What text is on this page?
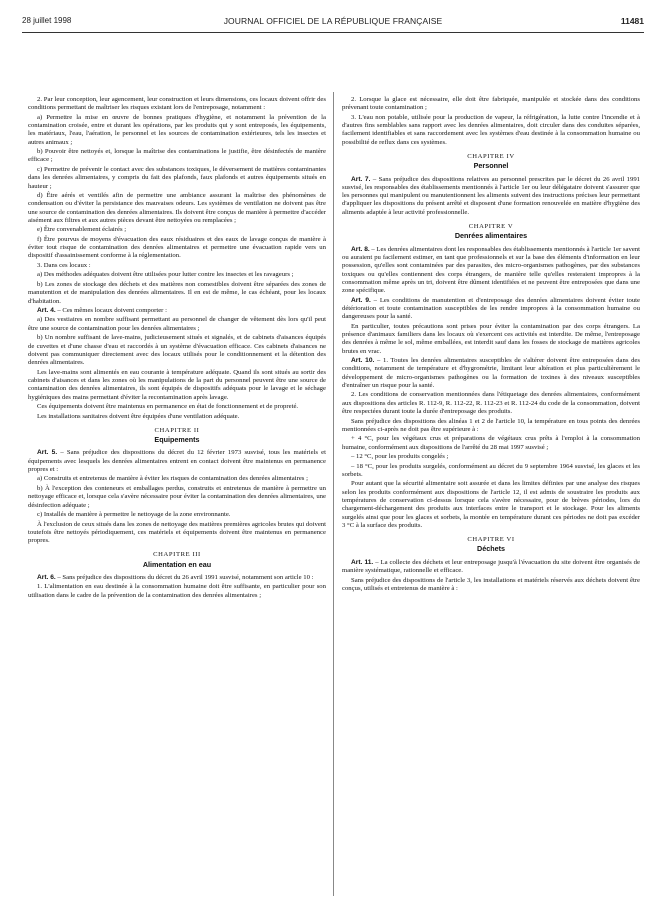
28 juillet 1998	JOURNAL OFFICIEL DE LA RÉPUBLIQUE FRANÇAISE	11481

2. Par leur conception, leur agencement, leur construction et leurs dimensions, ces locaux doivent offrir des conditions permettant de maîtriser les risques existant lors de l'entreposage, notamment :

a) Permettre la mise en œuvre de bonnes pratiques d'hygiène, et notamment la prévention de la contamination croisée, entre et durant les opérations, par les produits qui y sont entreposés, les équipements, les matériaux, l'eau, l'aération, le personnel et les sources de contamination extérieures, tels les insectes et autres animaux ;

b) Pouvoir être nettoyés et, lorsque la maîtrise des contaminations le justifie, être désinfectés de manière efficace ;

c) Permettre de prévenir le contact avec des substances toxiques, le déversement de matières contaminantes dans les denrées alimentaires, y compris du fait des plafonds, faux plafonds et autres équipements situés en hauteur ;

d) Être aérés et ventilés afin de permettre une ambiance assurant la maîtrise des phénomènes de condensation ou d'éviter la persistance des mauvaises odeurs. Les systèmes de ventilation ne doivent pas être une source de contamination des denrées alimentaires. Ils doivent être conçus de manière à permettre d'accéder aisément aux filtres et aux autres pièces devant être nettoyées ou remplacées ;

e) Être convenablement éclairés ;

f) Être pourvus de moyens d'évacuation des eaux résiduaires et des eaux de lavage conçus de manière à éviter tout risque de contamination des denrées alimentaires et permettre une évacuation rapide vers un dispositif d'assainissement conforme à la réglementation.

3. Dans ces locaux :

a) Des méthodes adéquates doivent être utilisées pour lutter contre les insectes et les ravageurs ;

b) Les zones de stockage des déchets et des matières non comestibles doivent être séparées des zones de manutention et de manipulation des denrées alimentaires. Il en est de même, le cas échéant, pour les locaux d'habitation.

Art. 4. – Ces mêmes locaux doivent comporter :

a) Des vestiaires en nombre suffisant permettant au personnel de changer de vêtement dès lors qu'il peut être une source de contamination pour les denrées alimentaires ;

b) Un nombre suffisant de lave-mains, judicieusement situés et signalés, et de cabinets d'aisances équipés de cuvettes et d'une chasse d'eau et raccordés à un système d'évacuation efficace. Ces cabinets d'aisances ne doivent pas communiquer directement avec des locaux utilisés pour le conditionnement et la détention des denrées alimentaires.

Les lave-mains sont alimentés en eau courante à température adéquate. Quand ils sont situés au sortir des cabinets d'aisances et dans les zones où les manipulations de la part du personnel peuvent être une source de contamination des denrées alimentaires, ils sont équipés de dispositifs adéquats pour le lavage et le séchage hygiéniques des mains permettant d'éviter la recontamination après lavage.

Ces équipements doivent être maintenus en permanence en état de fonctionnement et de propreté.

Les installations sanitaires doivent être équipées d'une ventilation adéquate.

CHAPITRE II
Equipements

Art. 5. – Sans préjudice des dispositions du décret du 12 février 1973 susvisé, tous les matériels et équipements avec lesquels les denrées alimentaires entrent en contact doivent être maintenus en permanence propres et :

a) Construits et entretenus de manière à éviter les risques de contamination des denrées alimentaires ;

b) À l'exception des conteneurs et emballages perdus, construits et entretenus de manière à permettre un nettoyage efficace et, lorsque cela s'avère nécessaire pour éviter la contamination des denrées alimentaires, une désinfection adéquate ;

c) Installés de manière à permettre le nettoyage de la zone environnante.

À l'exclusion de ceux situés dans les zones de nettoyage des matières premières agricoles brutes qui doivent toutefois être nettoyés périodiquement, ces matériels et équipements doivent être maintenus en permanence propres.

CHAPITRE III
Alimentation en eau

Art. 6. – Sans préjudice des dispositions du décret du 26 avril 1991 susvisé, notamment son article 10 :

1. L'alimentation en eau destinée à la consommation humaine doit être suffisante, en particulier pour son utilisation dans le cadre de la prévention de la contamination des denrées alimentaires ;

2. Lorsque la glace est nécessaire, elle doit être fabriquée, manipulée et stockée dans des conditions prévenant toute contamination ;

3. L'eau non potable, utilisée pour la production de vapeur, la réfrigération, la lutte contre l'incendie et à d'autres fins semblables sans rapport avec les denrées alimentaires, doit circuler dans des conduites séparées, facilement identifiables et sans raccordement avec les systèmes d'eau destinée à la consommation humaine ou possibilité de reflux dans ces systèmes.

CHAPITRE IV
Personnel

Art. 7. – Sans préjudice des dispositions relatives au personnel prescrites par le décret du 26 avril 1991 susvisé, les responsables des établissements mentionnés à l'article 1er ou leur délégataire doivent s'assurer que les personnes qui manipulent ou manutentionnent les aliments suivent des instructions précises leur permettant d'appliquer les dispositions du présent arrêté et disposent d'une formation renouvelée en matière d'hygiène des aliments adaptée à leur activité professionnelle.

CHAPITRE V
Denrées alimentaires

Art. 8. – Les denrées alimentaires dont les responsables des établissements mentionnés à l'article 1er savent ou auraient pu facilement estimer, en tant que professionnels et sur la base des éléments d'information en leur possession, qu'elles sont contaminées par des parasites, des micro-organismes pathogènes, par des substances toxiques ou qu'elles contiennent des corps étrangers, de manière telle qu'elles resteraient impropres à la consommation même après un tri, doivent être dûment identifiées et ne peuvent être entreposées que dans une zone spécifique.

Art. 9. – Les conditions de manutention et d'entreposage des denrées alimentaires doivent éviter toute détérioration et toute contamination susceptibles de les rendre impropres à la consommation humaine ou dangereuses pour la santé.

En particulier, toutes précautions sont prises pour éviter la contamination par des corps étrangers. La présence d'animaux familiers dans les locaux où s'exercent ces activités est interdite. De même, l'entreposage des denrées à même le sol, même emballées, est interdit sauf dans les fosses de stockage de matières agricoles brutes en vrac.

Art. 10. – 1. Toutes les denrées alimentaires susceptibles de s'altérer doivent être entreposées dans des conditions, notamment de température et d'hygrométrie, limitant leur altération et plus particulièrement le développement de micro-organismes pathogènes ou la formation de toxines à des niveaux susceptibles d'entraîner un risque pour la santé.

2. Les conditions de conservation mentionnées dans l'étiquetage des denrées alimentaires, conformément aux dispositions des articles R. 112-9, R. 112-22, R. 112-23 et R. 112-24 du code de la consommation, doivent être respectées durant toute la durée d'entreposage des produits.

Sans préjudice des dispositions des alinéas 1 et 2 de l'article 10, la température en tous points des denrées mentionnées ci-après ne doit pas être supérieure à :

+ 4 °C, pour les végétaux crus et préparations de végétaux crus prêts à l'emploi à la consommation humaine, conformément aux dispositions de l'arrêté du 28 mai 1997 susvisé ;

– 12 °C, pour les produits congelés ;

– 18 °C, pour les produits surgelés, conformément au décret du 9 septembre 1964 susvisé, les glaces et les sorbets.

Pour autant que la sécurité alimentaire soit assurée et dans les limites définies par une analyse des risques selon les produits conformément aux dispositions de l'article 12, il est admis de soustraire les produits aux températures de conservation ci-dessus lorsque cela s'avère nécessaire, pour de brèves périodes, lors du chargement-déchargement des produits aux interfaces entre le transport et le stockage. Pour les aliments surgelés ainsi que pour les glaces et sorbets, la montée en température durant ces périodes ne doit pas excéder 3 °C à la surface des produits.

CHAPITRE VI
Déchets

Art. 11. – La collecte des déchets et leur entreposage jusqu'à l'évacuation du site doivent être organisés de manière systématique, rationnelle et efficace.

Sans préjudice des dispositions de l'article 3, les installations et matériels réservés aux déchets doivent être conçus, utilisés et entretenus de manière à :
